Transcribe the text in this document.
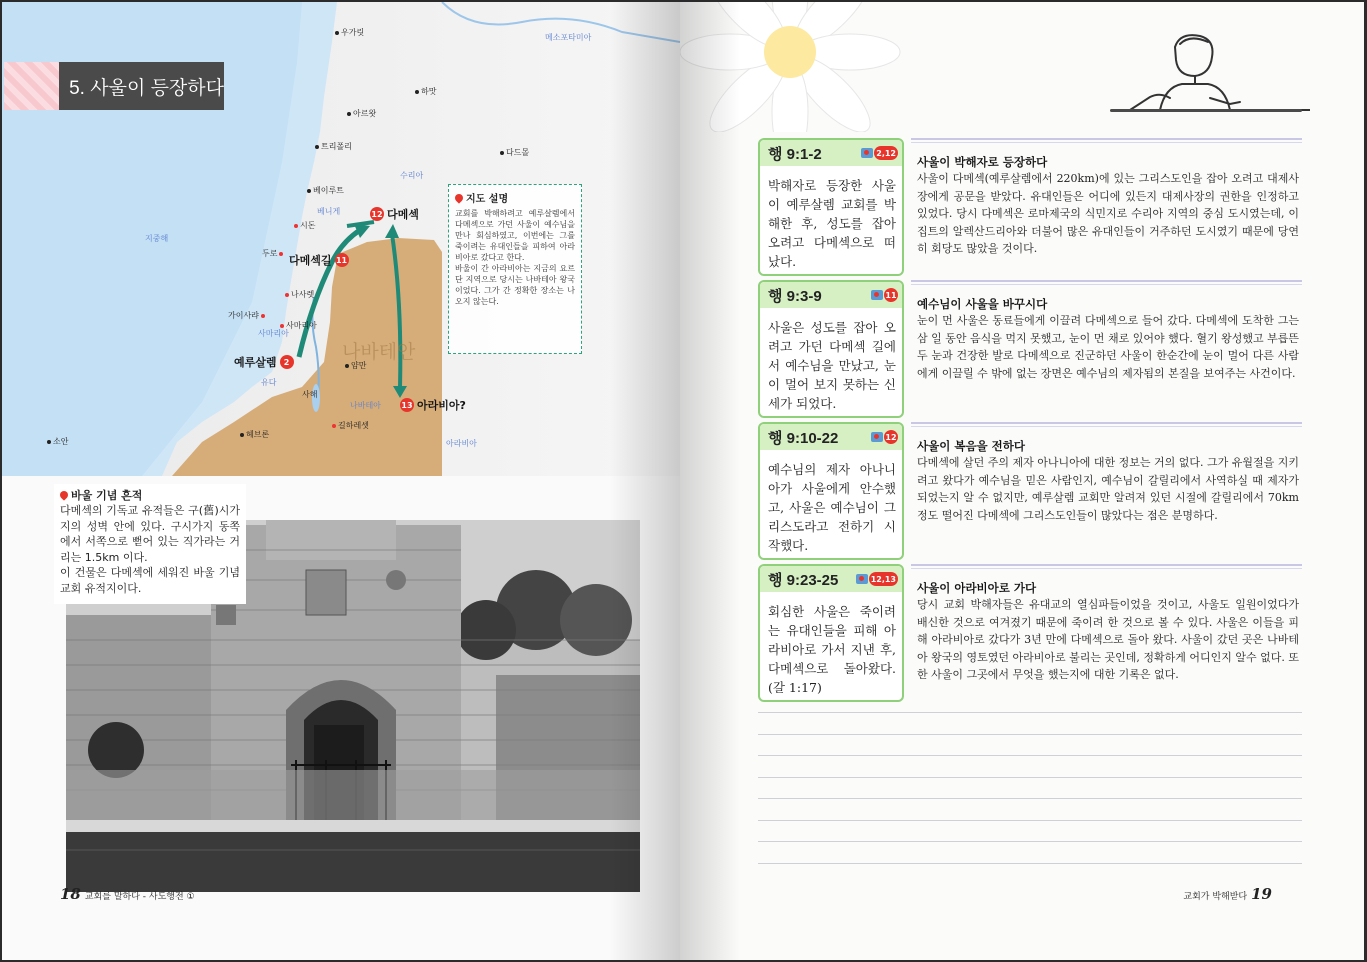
5. 사울이 등장하다
우가릿
아르왓
트리폴리
베이루트
시돈
두로
가이사랴
나사렛
사마리아
얌만
헤브론
길하레셋
소안
하맛
다드몰
메소포타미아
수리아
베니게
사마리아
유다
사해
나바테아
아라비아
지중해
나바테안
예루살렘 2
다메섹길 11
12 다메섹
13 아라비아?
지도 설명

교회를 박해하려고 예루살렘에서 다메섹으로 가던 사울이 예수님을 만나 회심하였고, 이번에는 그를 죽이려는 유대인들을 피하여 아라비아로 갔다고 한다.

바울이 간 아라비아는 지금의 요르단 지역으로 당시는 나바테아 왕국이었다. 그가 간 정확한 장소는 나오지 않는다.

바울 기념 흔적

다메섹의 기독교 유적들은 구(舊)시가지의 성벽 안에 있다. 구시가지 동쪽에서 서쪽으로 뻗어 있는 직가라는 거리는 1.5km 이다.

이 건물은 다메섹에 세워진 바울 기념 교회 유적지이다.

18 교회를 말하다 - 사도행전 ①
행 9:1-2	2,12
박해자로 등장한 사울이 예루살렘 교회를 박해한 후, 성도를 잡아 오려고 다메섹으로 떠났다.
사울이 박해자로 등장하다
사울이 다메섹(예루살렘에서 220km)에 있는 그리스도인을 잡아 오려고 대제사장에게 공문을 받았다. 유대인들은 어디에 있든지 대제사장의 권한을 인정하고 있었다. 당시 다메섹은 로마제국의 식민지로 수리아 지역의 중심 도시였는데, 이집트의 알렉산드리아와 더불어 많은 유대인들이 거주하던 도시였기 때문에 당연히 회당도 많았을 것이다.
행 9:3-9	11
사울은 성도를 잡아 오려고 가던 다메섹 길에서 예수님을 만났고, 눈이 멀어 보지 못하는 신세가 되었다.
예수님이 사울을 바꾸시다
눈이 먼 사울은 동료들에게 이끌려 다메섹으로 들어 갔다. 다메섹에 도착한 그는 삼 일 동안 음식을 먹지 못했고, 눈이 먼 채로 있어야 했다. 혈기 왕성했고 부릅뜬 두 눈과 건장한 발로 다메섹으로 진군하던 사울이 한순간에 눈이 멀어 다른 사람에게 이끌릴 수 밖에 없는 장면은 예수님의 제자됨의 본질을 보여주는 사건이다.
행 9:10-22	12
예수님의 제자 아나니아가 사울에게 안수했고, 사울은 예수님이 그리스도라고 전하기 시작했다.
사울이 복음을 전하다
다메섹에 살던 주의 제자 아나니아에 대한 정보는 거의 없다. 그가 유월절을 지키려고 왔다가 예수님을 믿은 사람인지, 예수님이 갈릴리에서 사역하실 때 제자가 되었는지 알 수 없지만, 예루살렘 교회만 알려져 있던 시절에 갈릴리에서 70km정도 떨어진 다메섹에 그리스도인들이 많았다는 점은 분명하다.
행 9:23-25	12,13
회심한 사울은 죽이려는 유대인들을 피해 아라비아로 가서 지낸 후, 다메섹으로 돌아왔다. (갈 1:17)
사울이 아라비아로 가다
당시 교회 박해자들은 유대교의 열심파들이었을 것이고, 사울도 일원이었다가 배신한 것으로 여겨졌기 때문에 죽이려 한 것으로 볼 수 있다. 사울은 이들을 피해 아라비아로 갔다가 3년 만에 다메섹으로 돌아 왔다. 사울이 갔던 곳은 나바테아 왕국의 영토였던 아라비아로 불리는 곳인데, 정확하게 어디인지 알수 없다. 또한 사울이 그곳에서 무엇을 했는지에 대한 기록은 없다.
교회가 박해받다 19
